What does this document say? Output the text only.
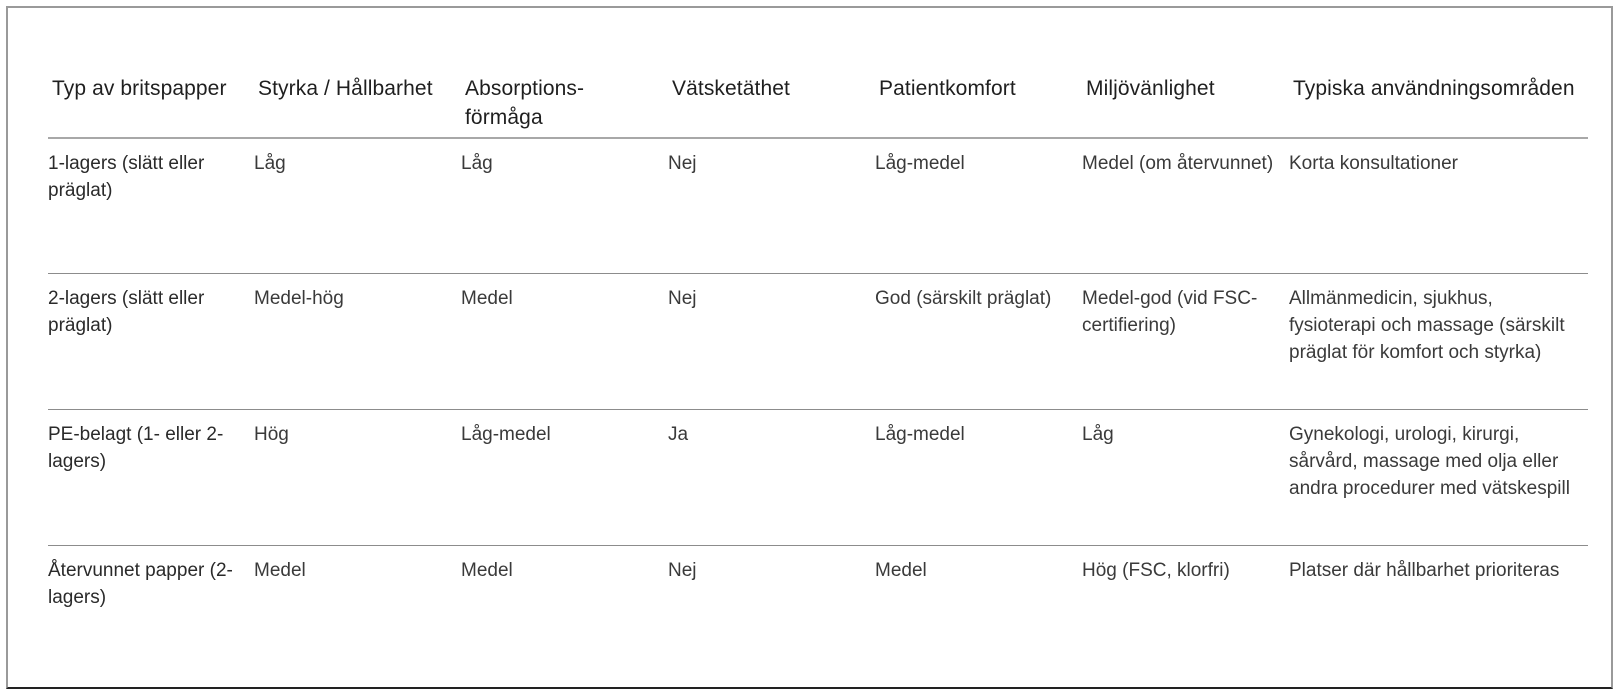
Typ av britspapper	Styrka / Hållbarhet	Absorptions-förmåga	Vätsketäthet	Patientkomfort	Miljövänlighet	Typiska användningsområden
1-lagers (slätt eller präglat)	Låg	Låg	Nej	Låg-medel	Medel (om återvunnet)	Korta konsultationer
2-lagers (slätt eller präglat)	Medel-hög	Medel	Nej	God (särskilt präglat)	Medel-god (vid FSC-certifiering)	Allmänmedicin, sjukhus, fysioterapi och massage (särskilt präglat för komfort och styrka)
PE-belagt (1- eller 2-lagers)	Hög	Låg-medel	Ja	Låg-medel	Låg	Gynekologi, urologi, kirurgi, sårvård, massage med olja eller andra procedurer med vätskespill
Återvunnet papper (2-lagers)	Medel	Medel	Nej	Medel	Hög (FSC, klorfri)	Platser där hållbarhet prioriteras
